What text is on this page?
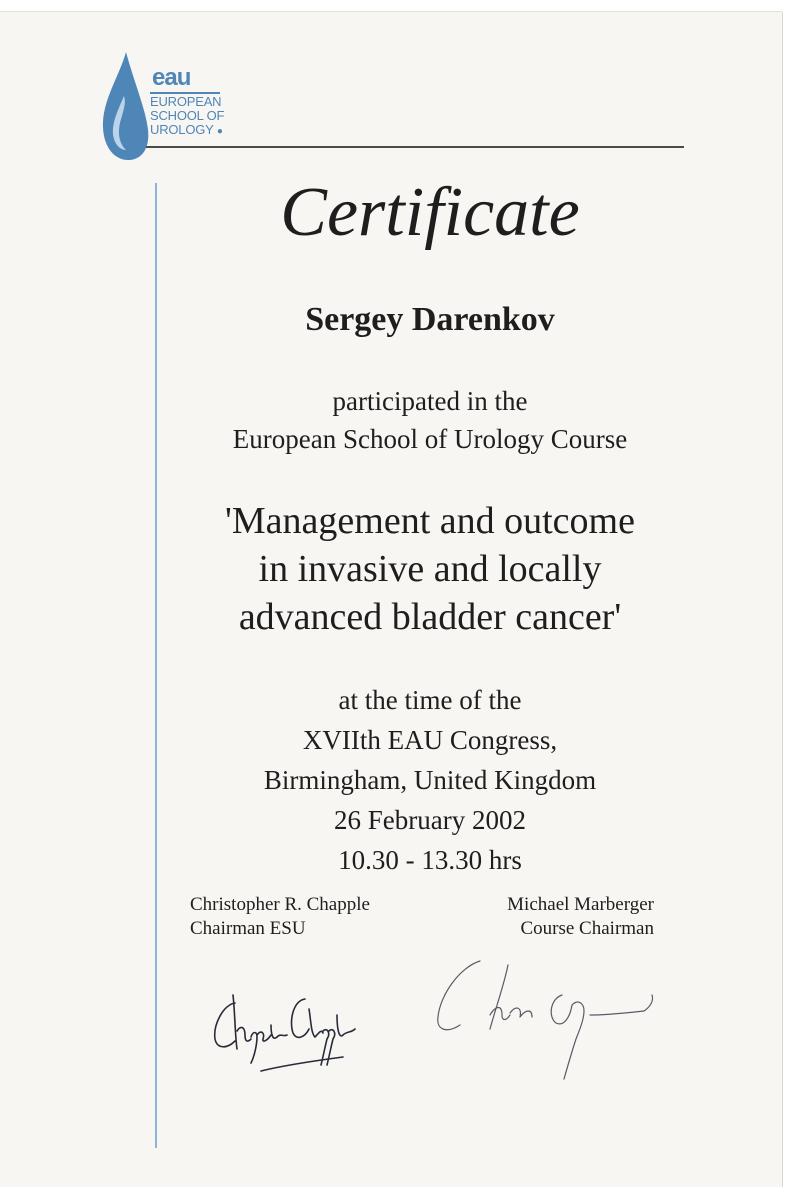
eau
EUROPEAN
SCHOOL OF
UROLOGY ●
Certificate
Sergey Darenkov
participated in the
European School of Urology Course
'Management and outcome
in invasive and locally
advanced bladder cancer'
at the time of the
XVIIth EAU Congress,
Birmingham, United Kingdom
26 February 2002
10.30 - 13.30 hrs
Christopher R. Chapple
Chairman ESU
Michael Marberger
Course Chairman
